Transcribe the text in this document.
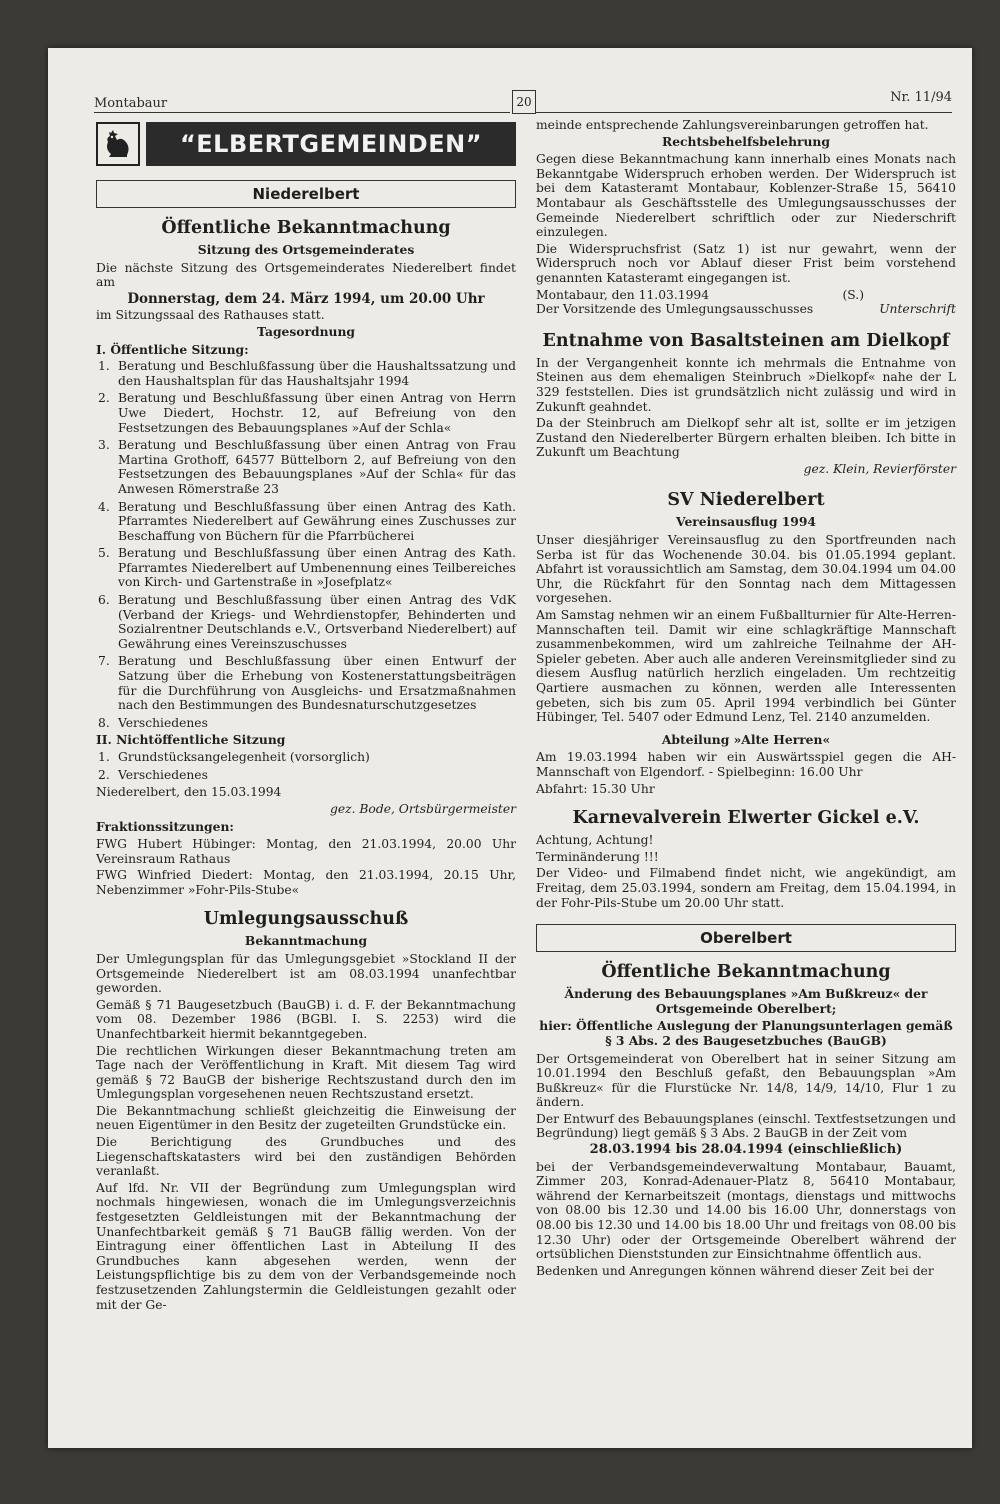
Montabaur	20	Nr. 11/94
“ELBERTGEMEINDEN”
Niederelbert
Öffentliche Bekanntmachung
Sitzung des Ortsgemeinderates

Die nächste Sitzung des Ortsgemeinderates Niederelbert findet am

Donnerstag, dem 24. März 1994, um 20.00 Uhr

im Sitzungssaal des Rathauses statt.

Tagesordnung

I. Öffentliche Sitzung:

1. Beratung und Beschlußfassung über die Haushaltssatzung und den Haushaltsplan für das Haushaltsjahr 1994
2. Beratung und Beschlußfassung über einen Antrag von Herrn Uwe Diedert, Hochstr. 12, auf Befreiung von den Festsetzungen des Bebauungsplanes »Auf der Schla«
3. Beratung und Beschlußfassung über einen Antrag von Frau Martina Grothoff, 64577 Büttelborn 2, auf Befreiung von den Festsetzungen des Bebauungsplanes »Auf der Schla« für das Anwesen Römerstraße 23
4. Beratung und Beschlußfassung über einen Antrag des Kath. Pfarramtes Niederelbert auf Gewährung eines Zuschusses zur Beschaffung von Büchern für die Pfarrbücherei
5. Beratung und Beschlußfassung über einen Antrag des Kath. Pfarramtes Niederelbert auf Umbenennung eines Teilbereiches von Kirch- und Gartenstraße in »Josefplatz«
6. Beratung und Beschlußfassung über einen Antrag des VdK (Verband der Kriegs- und Wehrdienstopfer, Behinderten und Sozialrentner Deutschlands e.V., Ortsverband Niederelbert) auf Gewährung eines Vereinszuschusses
7. Beratung und Beschlußfassung über einen Entwurf der Satzung über die Erhebung von Kostenerstattungsbeiträgen für die Durchführung von Ausgleichs- und Ersatzmaßnahmen nach den Bestimmungen des Bundesnaturschutzgesetzes
8. Verschiedenes

II. Nichtöffentliche Sitzung

1. Grundstücksangelegenheit (vorsorglich)
2. Verschiedenes

Niederelbert, den 15.03.1994

gez. Bode, Ortsbürgermeister

Fraktionssitzungen:

FWG Hubert Hübinger: Montag, den 21.03.1994, 20.00 Uhr Vereinsraum Rathaus

FWG Winfried Diedert: Montag, den 21.03.1994, 20.15 Uhr, Nebenzimmer »Fohr-Pils-Stube«

Umlegungsausschuß
Bekanntmachung

Der Umlegungsplan für das Umlegungsgebiet »Stockland II der Ortsgemeinde Niederelbert ist am 08.03.1994 unanfechtbar geworden.

Gemäß § 71 Baugesetzbuch (BauGB) i. d. F. der Bekanntmachung vom 08. Dezember 1986 (BGBl. I. S. 2253) wird die Unanfechtbarkeit hiermit bekanntgegeben.

Die rechtlichen Wirkungen dieser Bekanntmachung treten am Tage nach der Veröffentlichung in Kraft. Mit diesem Tag wird gemäß § 72 BauGB der bisherige Rechtszustand durch den im Umlegungsplan vorgesehenen neuen Rechtszustand ersetzt.

Die Bekanntmachung schließt gleichzeitig die Einweisung der neuen Eigentümer in den Besitz der zugeteilten Grundstücke ein.

Die Berichtigung des Grundbuches und des Liegenschaftskatasters wird bei den zuständigen Behörden veranlaßt.

Auf lfd. Nr. VII der Begründung zum Umlegungsplan wird nochmals hingewiesen, wonach die im Umlegungsverzeichnis festgesetzten Geldleistungen mit der Bekanntmachung der Unanfechtbarkeit gemäß § 71 BauGB fällig werden. Von der Eintragung einer öffentlichen Last in Abteilung II des Grundbuches kann abgesehen werden, wenn der Leistungspflichtige bis zu dem von der Verbandsgemeinde noch festzusetzenden Zahlungstermin die Geldleistungen gezahlt oder mit der Ge-

meinde entsprechende Zahlungsvereinbarungen getroffen hat.

Rechtsbehelfsbelehrung

Gegen diese Bekanntmachung kann innerhalb eines Monats nach Bekanntgabe Widerspruch erhoben werden. Der Widerspruch ist bei dem Katasteramt Montabaur, Koblenzer-Straße 15, 56410 Montabaur als Geschäftsstelle des Umlegungsausschusses der Gemeinde Niederelbert schriftlich oder zur Niederschrift einzulegen.

Die Widerspruchsfrist (Satz 1) ist nur gewahrt, wenn der Widerspruch noch vor Ablauf dieser Frist beim vorstehend genannten Katasteramt eingegangen ist.

Montabaur, den 11.03.1994	(S.)
Der Vorsitzende des Umlegungsausschusses	Unterschrift
Entnahme von Basaltsteinen am Dielkopf

In der Vergangenheit konnte ich mehrmals die Entnahme von Steinen aus dem ehemaligen Steinbruch »Dielkopf« nahe der L 329 feststellen. Dies ist grundsätzlich nicht zulässig und wird in Zukunft geahndet.

Da der Steinbruch am Dielkopf sehr alt ist, sollte er im jetzigen Zustand den Niederelberter Bürgern erhalten bleiben. Ich bitte in Zukunft um Beachtung

gez. Klein, Revierförster

SV Niederelbert
Vereinsausflug 1994

Unser diesjähriger Vereinsausflug zu den Sportfreunden nach Serba ist für das Wochenende 30.04. bis 01.05.1994 geplant. Abfahrt ist voraussichtlich am Samstag, dem 30.04.1994 um 04.00 Uhr, die Rückfahrt für den Sonntag nach dem Mittagessen vorgesehen.

Am Samstag nehmen wir an einem Fußballturnier für Alte-Herren-Mannschaften teil. Damit wir eine schlagkräftige Mannschaft zusammenbekommen, wird um zahlreiche Teilnahme der AH-Spieler gebeten. Aber auch alle anderen Vereinsmitglieder sind zu diesem Ausflug natürlich herzlich eingeladen. Um rechtzeitig Qartiere ausmachen zu können, werden alle Interessenten gebeten, sich bis zum 05. April 1994 verbindlich bei Günter Hübinger, Tel. 5407 oder Edmund Lenz, Tel. 2140 anzumelden.

Abteilung »Alte Herren«

Am 19.03.1994 haben wir ein Auswärtsspiel gegen die AH-Mannschaft von Elgendorf. - Spielbeginn: 16.00 Uhr

Abfahrt: 15.30 Uhr

Karnevalverein Elwerter Gickel e.V.

Achtung, Achtung!

Terminänderung !!!

Der Video- und Filmabend findet nicht, wie angekündigt, am Freitag, dem 25.03.1994, sondern am Freitag, dem 15.04.1994, in der Fohr-Pils-Stube um 20.00 Uhr statt.

Oberelbert
Öffentliche Bekanntmachung
Änderung des Bebauungsplanes »Am Bußkreuz« der Ortsgemeinde Oberelbert;
hier: Öffentliche Auslegung der Planungsunterlagen gemäß § 3 Abs. 2 des Baugesetzbuches (BauGB)

Der Ortsgemeinderat von Oberelbert hat in seiner Sitzung am 10.01.1994 den Beschluß gefaßt, den Bebauungsplan »Am Bußkreuz« für die Flurstücke Nr. 14/8, 14/9, 14/10, Flur 1 zu ändern.

Der Entwurf des Bebauungsplanes (einschl. Textfestsetzungen und Begründung) liegt gemäß § 3 Abs. 2 BauGB in der Zeit vom

28.03.1994 bis 28.04.1994 (einschließlich)

bei der Verbandsgemeindeverwaltung Montabaur, Bauamt, Zimmer 203, Konrad-Adenauer-Platz 8, 56410 Montabaur, während der Kernarbeitszeit (montags, dienstags und mittwochs von 08.00 bis 12.30 und 14.00 bis 16.00 Uhr, donnerstags von 08.00 bis 12.30 und 14.00 bis 18.00 Uhr und freitags von 08.00 bis 12.30 Uhr) oder der Ortsgemeinde Oberelbert während der ortsüblichen Dienststunden zur Einsichtnahme öffentlich aus.

Bedenken und Anregungen können während dieser Zeit bei der
